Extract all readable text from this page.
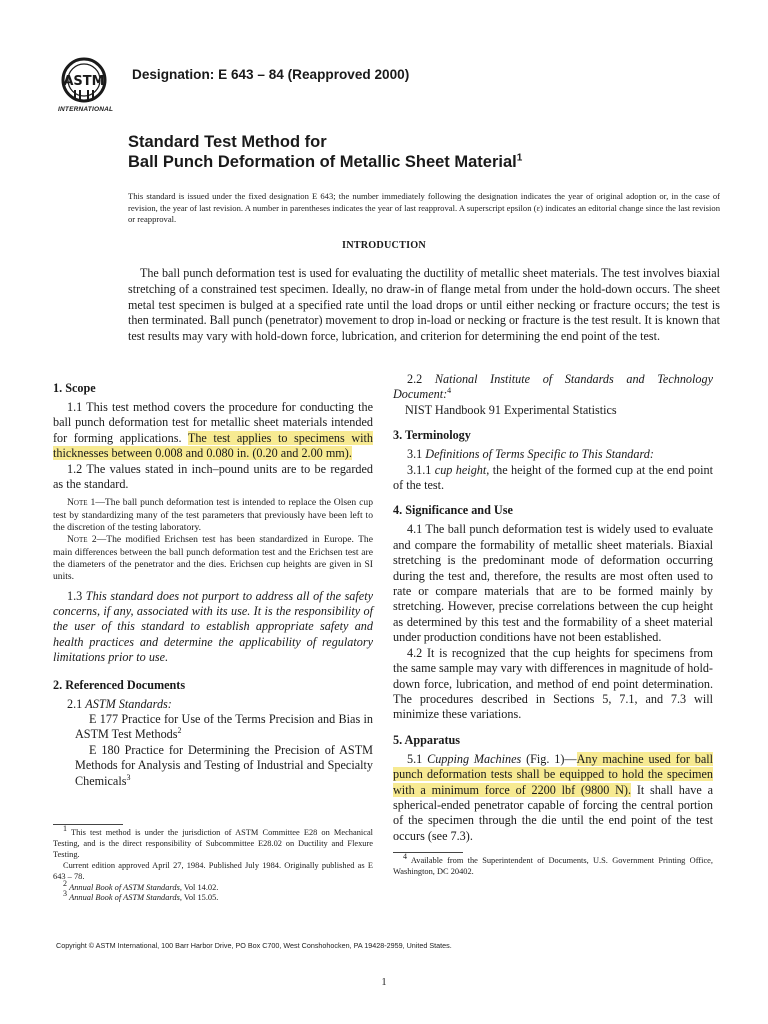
ASTM
INTERNATIONAL
Designation: E 643 – 84 (Reapproved 2000)
Standard Test Method for
Ball Punch Deformation of Metallic Sheet Material$^1$
This standard is issued under the fixed designation E 643; the number immediately following the designation indicates the year of original adoption or, in the case of revision, the year of last revision. A number in parentheses indicates the year of last reapproval. A superscript epsilon (ε) indicates an editorial change since the last revision or reapproval.
INTRODUCTION
The ball punch deformation test is used for evaluating the ductility of metallic sheet materials. The test involves biaxial stretching of a constrained test specimen. Ideally, no draw-in of flange metal from under the hold-down occurs. The sheet metal test specimen is bulged at a specified rate until the load drops or until either necking or fracture occurs; the test is then terminated. Ball punch (penetrator) movement to drop in-load or necking or fracture is the test result. It is known that test results may vary with hold-down force, lubrication, and criterion for determining the end point of the test.
1. Scope

1.1 This test method covers the procedure for conducting the ball punch deformation test for metallic sheet materials intended for forming applications. The test applies to specimens with thicknesses between 0.008 and 0.080 in. (0.20 and 2.00 mm).

1.2 The values stated in inch–pound units are to be regarded as the standard.

Note 1—The ball punch deformation test is intended to replace the Olsen cup test by standardizing many of the test parameters that previously have been left to the discretion of the testing laboratory.

Note 2—The modified Erichsen test has been standardized in Europe. The main differences between the ball punch deformation test and the Erichsen test are the diameters of the penetrator and the dies. Erichsen cup heights are given in SI units.

1.3 This standard does not purport to address all of the safety concerns, if any, associated with its use. It is the responsibility of the user of this standard to establish appropriate safety and health practices and determine the applicability of regulatory limitations prior to use.

2. Referenced Documents

2.1 ASTM Standards:

E 177 Practice for Use of the Terms Precision and Bias in ASTM Test Methods$^2$

E 180 Practice for Determining the Precision of ASTM Methods for Analysis and Testing of Industrial and Specialty Chemicals$^3$

$^1$ This test method is under the jurisdiction of ASTM Committee E28 on Mechanical Testing, and is the direct responsibility of Subcommittee E28.02 on Ductility and Flexure Testing.

Current edition approved April 27, 1984. Published July 1984. Originally published as E 643 – 78.

$^2$ Annual Book of ASTM Standards, Vol 14.02.

$^3$ Annual Book of ASTM Standards, Vol 15.05.

2.2 National Institute of Standards and Technology Document:$^4$

NIST Handbook 91 Experimental Statistics

3. Terminology

3.1 Definitions of Terms Specific to This Standard:

3.1.1 cup height, the height of the formed cup at the end point of the test.

4. Significance and Use

4.1 The ball punch deformation test is widely used to evaluate and compare the formability of metallic sheet materials. Biaxial stretching is the predominant mode of deformation occurring during the test and, therefore, the results are most often used to rate or compare materials that are to be formed mainly by stretching. However, precise correlations between the cup height as determined by this test and the formability of a sheet material under production conditions have not been established.

4.2 It is recognized that the cup heights for specimens from the same sample may vary with differences in magnitude of hold-down force, lubrication, and method of end point determination. The procedures described in Sections 5, 7.1, and 7.3 will minimize these variations.

5. Apparatus

5.1 Cupping Machines (Fig. 1)—Any machine used for ball punch deformation tests shall be equipped to hold the specimen with a minimum force of 2200 lbf (9800 N). It shall have a spherical-ended penetrator capable of forcing the central portion of the specimen through the die until the end point of the test occurs (see 7.3).

$^4$ Available from the Superintendent of Documents, U.S. Government Printing Office, Washington, DC 20402.

Copyright © ASTM International, 100 Barr Harbor Drive, PO Box C700, West Conshohocken, PA 19428-2959, United States.
1
